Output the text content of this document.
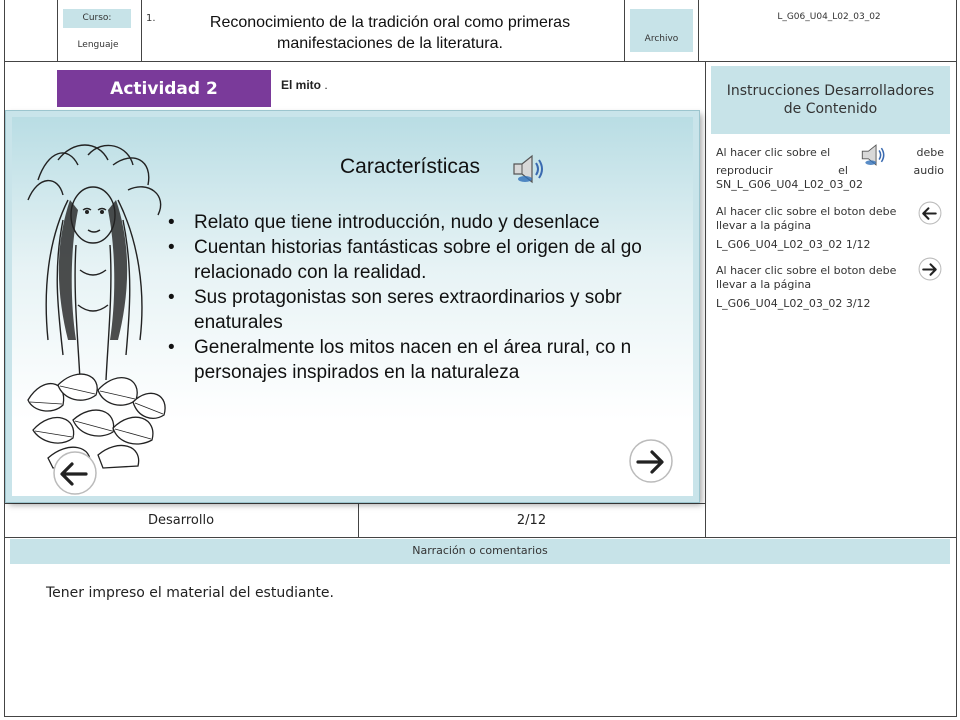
Curso:
Lenguaje
1.	Reconocimiento de la tradición oral como primeras manifestaciones de la literatura.	Archivo
L_G06_U04_L02_03_02
Actividad 2	El mito .
Características
• Relato que tiene introducción, nudo y desenlace
• Cuentan historias fantásticas sobre el origen de al go relacionado con la realidad.
• Sus protagonistas son seres extraordinarios y sobr enaturales
• Generalmente los mitos nacen en el área rural, co n personajes inspirados en la naturaleza
Desarrollo	2/12
Instrucciones Desarrolladores de Contenido
Al hacer clic sobre el	debe
reproducir el audio
SN_L_G06_U04_L02_03_02
Al hacer clic sobre el boton debe llevar a la página
L_G06_U04_L02_03_02 1/12
Al hacer clic sobre el boton debe llevar a la página
L_G06_U04_L02_03_02 3/12
Narración o comentarios
Tener impreso el material del estudiante.
